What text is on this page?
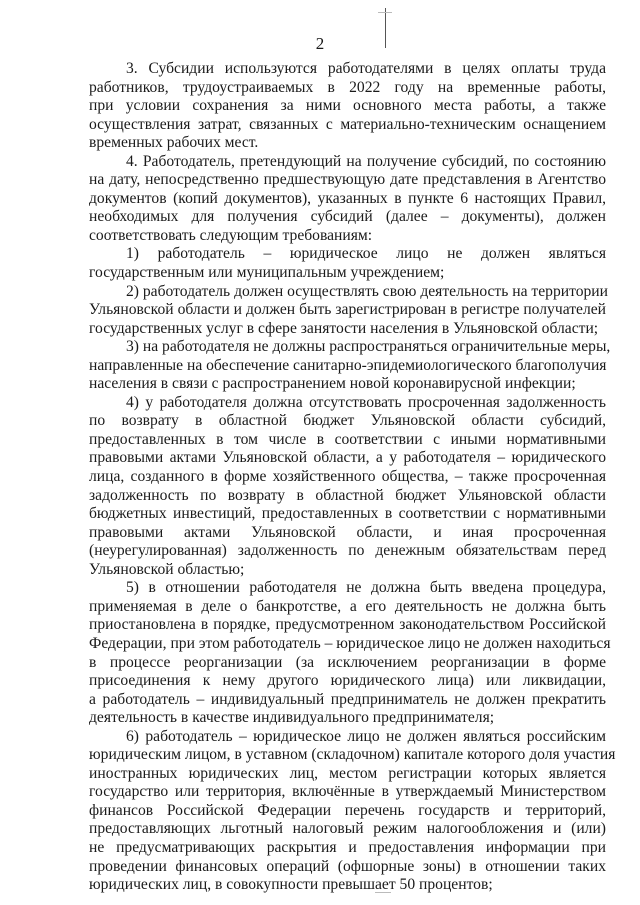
2
3. Субсидии используются работодателями в целях оплаты труда
работников, трудоустраиваемых в 2022 году на временные работы,
при условии сохранения за ними основного места работы, а также
осуществления затрат, связанных с материально-техническим оснащением
временных рабочих мест.
4. Работодатель, претендующий на получение субсидий, по состоянию
на дату, непосредственно предшествующую дате представления в Агентство
документов (копий документов), указанных в пункте 6 настоящих Правил,
необходимых для получения субсидий (далее – документы), должен
соответствовать следующим требованиям:
1) работодатель – юридическое лицо не должен являться
государственным или муниципальным учреждением;
2) работодатель должен осуществлять свою деятельность на территории
Ульяновской области и должен быть зарегистрирован в регистре получателей
государственных услуг в сфере занятости населения в Ульяновской области;
3) на работодателя не должны распространяться ограничительные меры,
направленные на обеспечение санитарно-эпидемиологического благополучия
населения в связи с распространением новой коронавирусной инфекции;
4) у работодателя должна отсутствовать просроченная задолженность
по возврату в областной бюджет Ульяновской области субсидий,
предоставленных в том числе в соответствии с иными нормативными
правовыми актами Ульяновской области, а у работодателя – юридического
лица, созданного в форме хозяйственного общества, – также просроченная
задолженность по возврату в областной бюджет Ульяновской области
бюджетных инвестиций, предоставленных в соответствии с нормативными
правовыми актами Ульяновской области, и иная просроченная
(неурегулированная) задолженность по денежным обязательствам перед
Ульяновской областью;
5) в отношении работодателя не должна быть введена процедура,
применяемая в деле о банкротстве, а его деятельность не должна быть
приостановлена в порядке, предусмотренном законодательством Российской
Федерации, при этом работодатель – юридическое лицо не должен находиться
в процессе реорганизации (за исключением реорганизации в форме
присоединения к нему другого юридического лица) или ликвидации,
а работодатель – индивидуальный предприниматель не должен прекратить
деятельность в качестве индивидуального предпринимателя;
6) работодатель – юридическое лицо не должен являться российским
юридическим лицом, в уставном (складочном) капитале которого доля участия
иностранных юридических лиц, местом регистрации которых является
государство или территория, включённые в утверждаемый Министерством
финансов Российской Федерации перечень государств и территорий,
предоставляющих льготный налоговый режим налогообложения и (или)
не предусматривающих раскрытия и предоставления информации при
проведении финансовых операций (офшорные зоны) в отношении таких
юридических лиц, в совокупности превышает 50 процентов;
